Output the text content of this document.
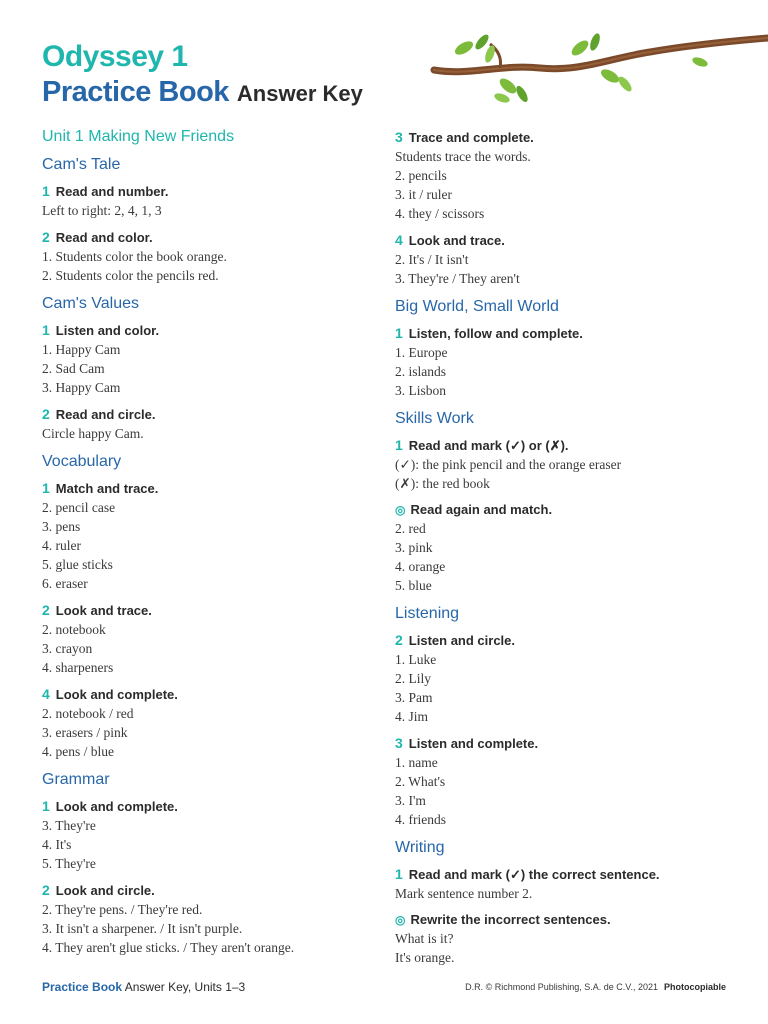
Odyssey 1
Practice Book Answer Key
Unit 1 Making New Friends
Cam's Tale
1 Read and number.
Left to right: 2, 4, 1, 3
2 Read and color.
1. Students color the book orange.
2. Students color the pencils red.
Cam's Values
1 Listen and color.
1. Happy Cam
2. Sad Cam
3. Happy Cam
2 Read and circle.
Circle happy Cam.
Vocabulary
1 Match and trace.
2. pencil case
3. pens
4. ruler
5. glue sticks
6. eraser
2 Look and trace.
2. notebook
3. crayon
4. sharpeners
4 Look and complete.
2. notebook / red
3. erasers / pink
4. pens / blue
Grammar
1 Look and complete.
3. They're
4. It's
5. They're
2 Look and circle.
2. They're pens. / They're red.
3. It isn't a sharpener. / It isn't purple.
4. They aren't glue sticks. / They aren't orange.
3 Trace and complete.
Students trace the words.
2. pencils
3. it / ruler
4. they / scissors
4 Look and trace.
2. It's / It isn't
3. They're / They aren't
Big World, Small World
1 Listen, follow and complete.
1. Europe
2. islands
3. Lisbon
Skills Work
1 Read and mark (✓) or (✗).
(✓): the pink pencil and the orange eraser
(✗): the red book
◎ Read again and match.
2. red
3. pink
4. orange
5. blue
Listening
2 Listen and circle.
1. Luke
2. Lily
3. Pam
4. Jim
3 Listen and complete.
1. name
2. What's
3. I'm
4. friends
Writing
1 Read and mark (✓) the correct sentence.
Mark sentence number 2.
◎ Rewrite the incorrect sentences.
What is it?
It's orange.
Practice Book Answer Key, Units 1–3	D.R. © Richmond Publishing, S.A. de C.V., 2021 Photocopiable
